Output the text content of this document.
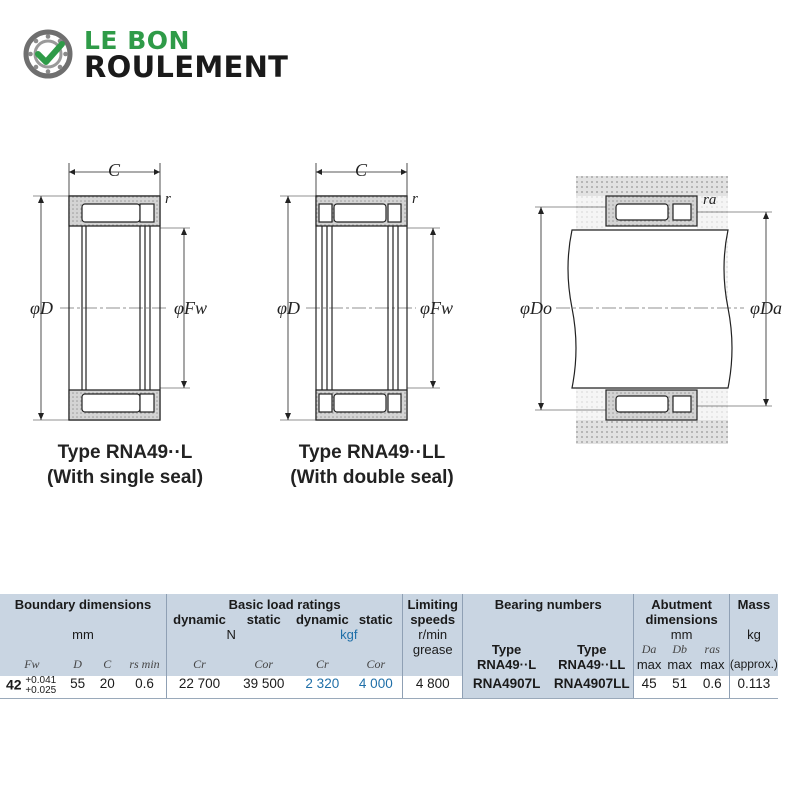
LE BON
ROULEMENT
C
r
φD	φFw
C
r
φD	φFw
ra
φDo	φDa
Type RNA49··L
(With single seal)
Type RNA49··LL
(With double seal)
Boundary dimensions				Basic load ratings				Limiting	Bearing numbers		Abutment			Mass
				dynamic	static	dynamic	static	speeds			dimensions			
mm				N		kgf		r/min			mm			kg
								grease	Type	Type	Da	Db	ras	
Fw	D	C	rs min	Cr	Cor	Cr	Cor		RNA49··L	RNA49··LL	max	max	max	(approx.)
42 +0.041
+0.025	55	20	0.6	22 700	39 500	2 320	4 000	4 800	RNA4907L	RNA4907LL	45	51	0.6	0.113
